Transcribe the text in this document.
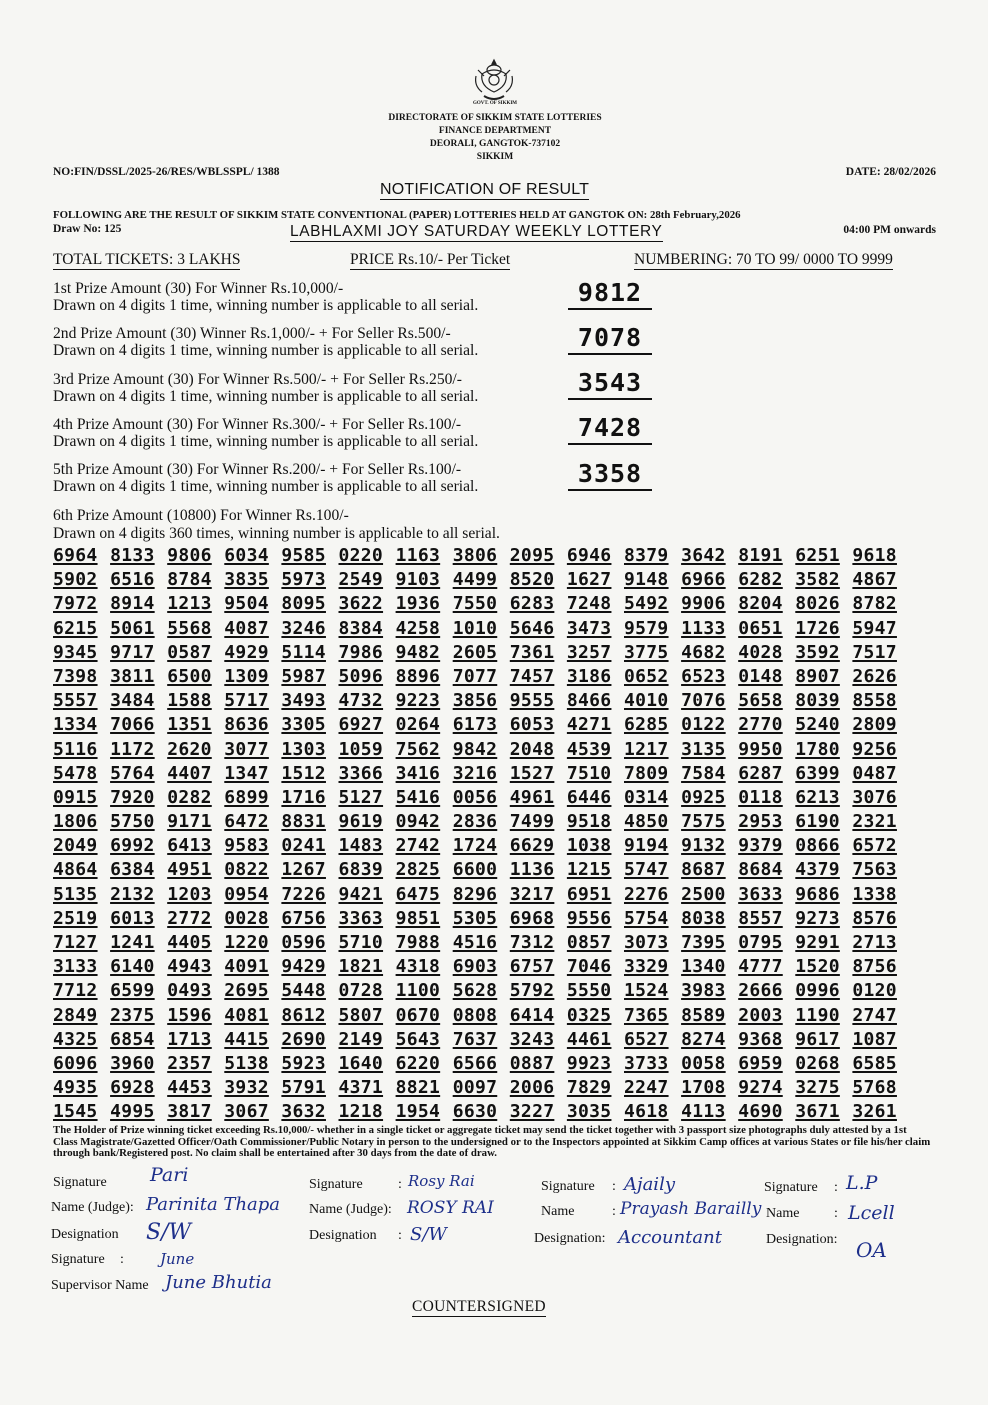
GOVT. OF SIKKIM
DIRECTORATE OF SIKKIM STATE LOTTERIES
FINANCE DEPARTMENT
DEORALI, GANGTOK-737102
SIKKIM
NO:FIN/DSSL/2025-26/RES/WBLSSPL/ 1388	DATE: 28/02/2026
NOTIFICATION OF RESULT
FOLLOWING ARE THE RESULT OF SIKKIM STATE CONVENTIONAL (PAPER) LOTTERIES HELD AT GANGTOK ON: 28th February,2026
Draw No: 125	LABHLAXMI JOY SATURDAY WEEKLY LOTTERY	04:00 PM onwards
TOTAL TICKETS: 3 LAKHS	PRICE Rs.10/- Per Ticket	NUMBERING: 70 TO 99/ 0000 TO 9999
1st Prize Amount (30) For Winner Rs.10,000/-
Drawn on 4 digits 1 time, winning number is applicable to all serial.	9812
2nd Prize Amount (30) Winner Rs.1,000/- + For Seller Rs.500/-
Drawn on 4 digits 1 time, winning number is applicable to all serial.	7078
3rd Prize Amount (30) For Winner Rs.500/- + For Seller Rs.250/-
Drawn on 4 digits 1 time, winning number is applicable to all serial.	3543
4th Prize Amount (30) For Winner Rs.300/- + For Seller Rs.100/-
Drawn on 4 digits 1 time, winning number is applicable to all serial.	7428
5th Prize Amount (30) For Winner Rs.200/- + For Seller Rs.100/-
Drawn on 4 digits 1 time, winning number is applicable to all serial.	3358
6th Prize Amount (10800) For Winner Rs.100/-
Drawn on 4 digits 360 times, winning number is applicable to all serial.
6964 8133 9806 6034 9585 0220 1163 3806 2095 6946 8379 3642 8191 6251 9618
5902 6516 8784 3835 5973 2549 9103 4499 8520 1627 9148 6966 6282 3582 4867
7972 8914 1213 9504 8095 3622 1936 7550 6283 7248 5492 9906 8204 8026 8782
6215 5061 5568 4087 3246 8384 4258 1010 5646 3473 9579 1133 0651 1726 5947
9345 9717 0587 4929 5114 7986 9482 2605 7361 3257 3775 4682 4028 3592 7517
7398 3811 6500 1309 5987 5096 8896 7077 7457 3186 0652 6523 0148 8907 2626
5557 3484 1588 5717 3493 4732 9223 3856 9555 8466 4010 7076 5658 8039 8558
1334 7066 1351 8636 3305 6927 0264 6173 6053 4271 6285 0122 2770 5240 2809
5116 1172 2620 3077 1303 1059 7562 9842 2048 4539 1217 3135 9950 1780 9256
5478 5764 4407 1347 1512 3366 3416 3216 1527 7510 7809 7584 6287 6399 0487
0915 7920 0282 6899 1716 5127 5416 0056 4961 6446 0314 0925 0118 6213 3076
1806 5750 9171 6472 8831 9619 0942 2836 7499 9518 4850 7575 2953 6190 2321
2049 6992 6413 9583 0241 1483 2742 1724 6629 1038 9194 9132 9379 0866 6572
4864 6384 4951 0822 1267 6839 2825 6600 1136 1215 5747 8687 8684 4379 7563
5135 2132 1203 0954 7226 9421 6475 8296 3217 6951 2276 2500 3633 9686 1338
2519 6013 2772 0028 6756 3363 9851 5305 6968 9556 5754 8038 8557 9273 8576
7127 1241 4405 1220 0596 5710 7988 4516 7312 0857 3073 7395 0795 9291 2713
3133 6140 4943 4091 9429 1821 4318 6903 6757 7046 3329 1340 4777 1520 8756
7712 6599 0493 2695 5448 0728 1100 5628 5792 5550 1524 3983 2666 0996 0120
2849 2375 1596 4081 8612 5807 0670 0808 6414 0325 7365 8589 2003 1190 2747
4325 6854 1713 4415 2690 2149 5643 7637 3243 4461 6527 8274 9368 9617 1087
6096 3960 2357 5138 5923 1640 6220 6566 0887 9923 3733 0058 6959 0268 6585
4935 6928 4453 3932 5791 4371 8821 0097 2006 7829 2247 1708 9274 3275 5768
1545 4995 3817 3067 3632 1218 1954 6630 3227 3035 4618 4113 4690 3671 3261
The Holder of Prize winning ticket exceeding Rs.10,000/- whether in a single ticket or aggregate ticket may send the ticket together with 3 passport size photographs duly attested by a 1st Class Magistrate/Gazetted Officer/Oath Commissioner/Public Notary in person to the undersigned or to the Inspectors appointed at Sikkim Camp offices at various States or file his/her claim through bank/Registered post. No claim shall be entertained after 30 days from the date of draw.
Signature Pari
Name (Judge): Parinita Thapa
Designation S/W
Signature : June
Supervisor Name June Bhutia
Signature	: Rosy Rai
Name (Judge): ROSY RAI
Designation : S/W
Signature : Ajaily
Name	: Prayash Barailly
Designation: Accountant
Signature : L.P
Name : Lcell
Designation: OA
COUNTERSIGNED
